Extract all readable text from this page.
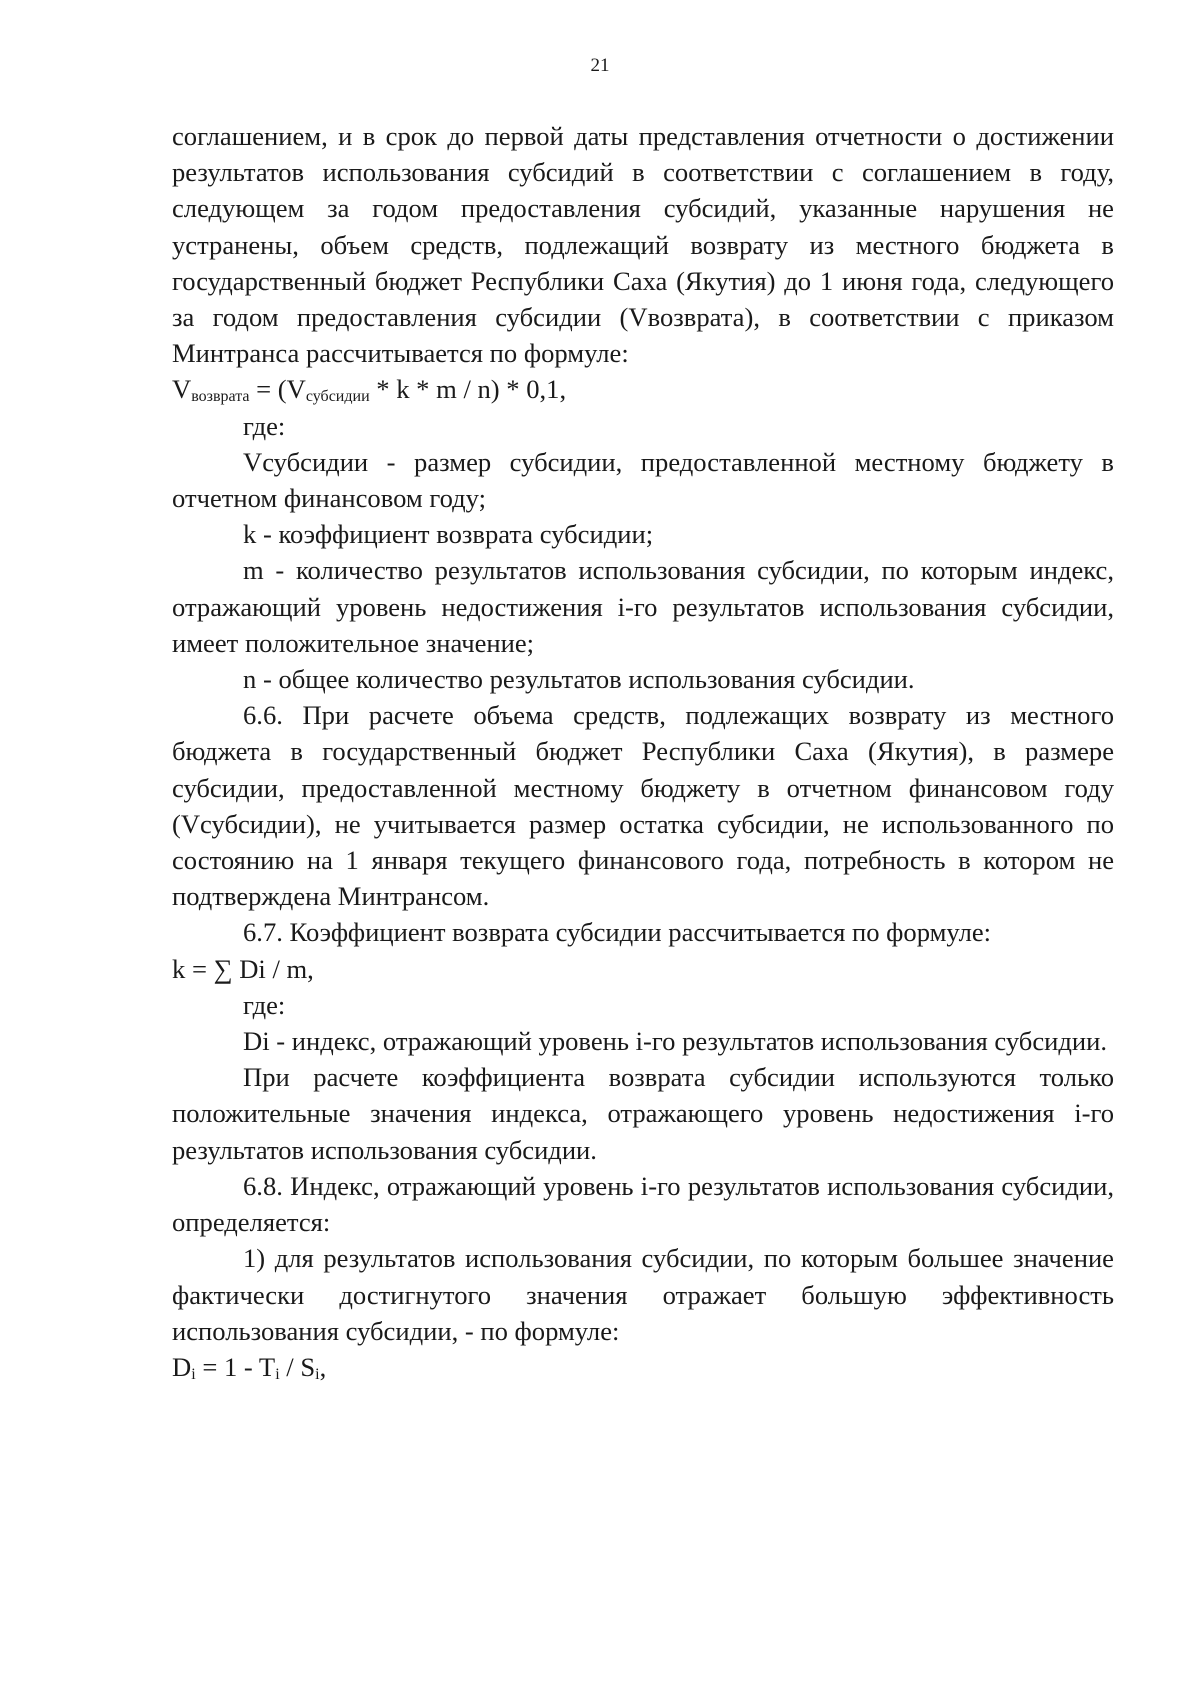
21

соглашением, и в срок до первой даты представления отчетности о достижении результатов использования субсидий в соответствии с соглашением в году, следующем за годом предоставления субсидий, указанные нарушения не устранены, объем средств, подлежащий возврату из местного бюджета в государственный бюджет Республики Саха (Якутия) до 1 июня года, следующего за годом предоставления субсидии (Vвозврата), в соответствии с приказом Минтранса рассчитывается по формуле:

$V_{возврата} = (V_{субсидии} * k * m / n) * 0,1$,

где:

Vсубсидии - размер субсидии, предоставленной местному бюджету в отчетном финансовом году;

k - коэффициент возврата субсидии;

m - количество результатов использования субсидии, по которым индекс, отражающий уровень недостижения i-го результатов использования субсидии, имеет положительное значение;

n - общее количество результатов использования субсидии.

6.6. При расчете объема средств, подлежащих возврату из местного бюджета в государственный бюджет Республики Саха (Якутия), в размере субсидии, предоставленной местному бюджету в отчетном финансовом году (Vсубсидии), не учитывается размер остатка субсидии, не использованного по состоянию на 1 января текущего финансового года, потребность в котором не подтверждена Минтрансом.

6.7. Коэффициент возврата субсидии рассчитывается по формуле:

k = ∑ Di / m,

где:

Di - индекс, отражающий уровень i-го результатов использования субсидии.

При расчете коэффициента возврата субсидии используются только положительные значения индекса, отражающего уровень недостижения i-го результатов использования субсидии.

6.8. Индекс, отражающий уровень i-го результатов использования субсидии, определяется:

1) для результатов использования субсидии, по которым большее значение фактически достигнутого значения отражает большую эффективность использования субсидии, - по формуле:

$D_i = 1 - T_i / S_i$,
